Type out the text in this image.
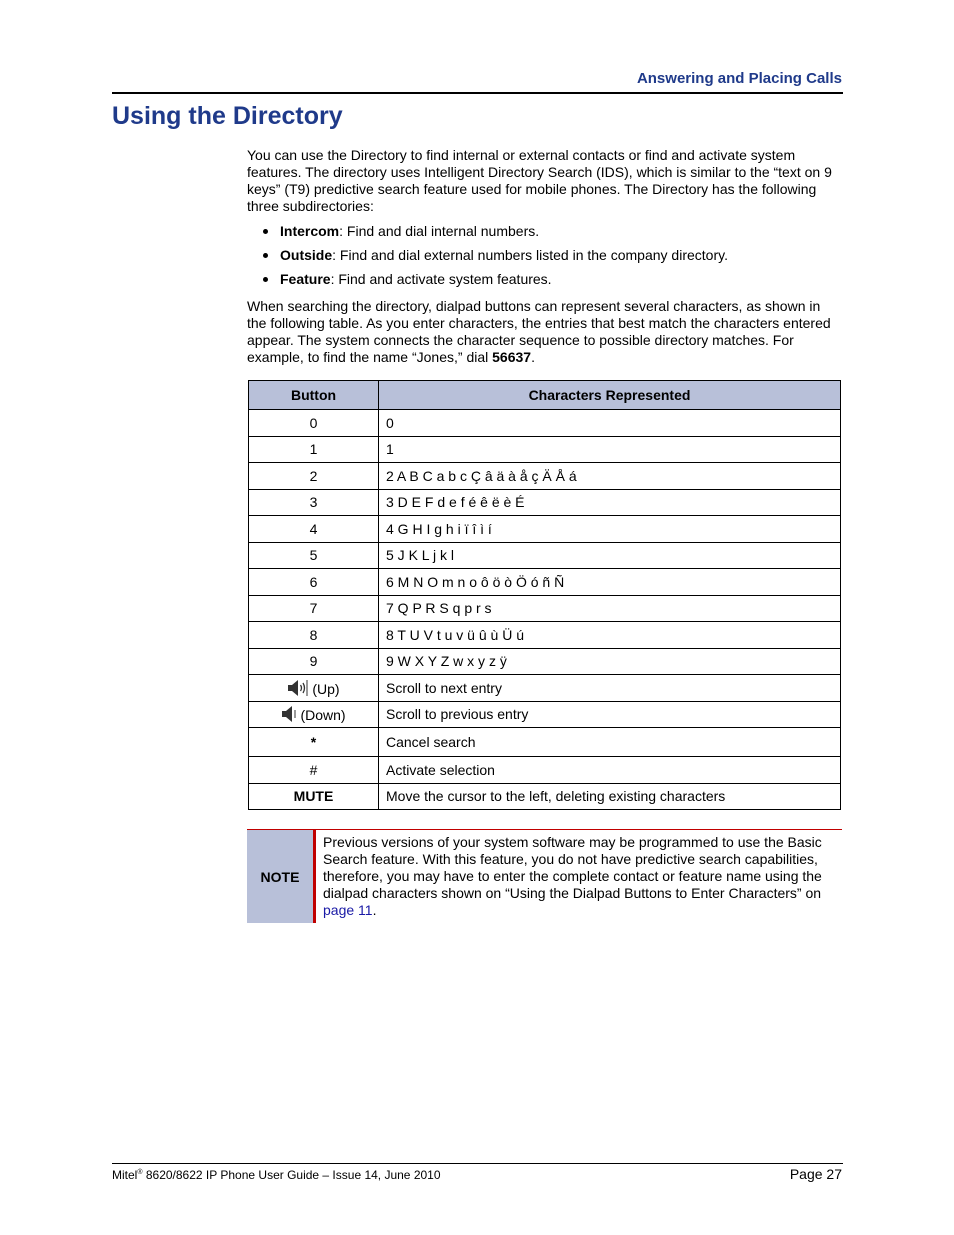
Answering and Placing Calls
Using the Directory

You can use the Directory to find internal or external contacts or find and activate system features. The directory uses Intelligent Directory Search (IDS), which is similar to the “text on 9 keys” (T9) predictive search feature used for mobile phones. The Directory has the following three subdirectories:

Intercom: Find and dial internal numbers.
Outside: Find and dial external numbers listed in the company directory.
Feature: Find and activate system features.

When searching the directory, dialpad buttons can represent several characters, as shown in the following table. As you enter characters, the entries that best match the characters entered appear. The system connects the character sequence to possible directory matches. For example, to find the name “Jones,” dial 56637.

Button	Characters Represented
0	0
1	1
2	2 A B C a b c Ç â ä à å ç Ä Å á
3	3 D E F d e f é ê ë è É
4	4 G H I g h i ï î ì í
5	5 J K L j k l
6	6 M N O m n o ô ö ò Ö ó ñ Ñ
7	7 Q P R S q p r s
8	8 T U V t u v ü û ù Ü ú
9	9 W X Y Z w x y z ÿ
(Up)	Scroll to next entry
(Down)	Scroll to previous entry
*	Cancel search
#	Activate selection
MUTE	Move the cursor to the left, deleting existing characters
NOTE
Previous versions of your system software may be programmed to use the Basic Search feature. With this feature, you do not have predictive search capabilities, therefore, you may have to enter the complete contact or feature name using the dialpad characters shown on “Using the Dialpad Buttons to Enter Characters” on page 11.
Mitel® 8620/8622 IP Phone User Guide – Issue 14, June 2010	Page 27
